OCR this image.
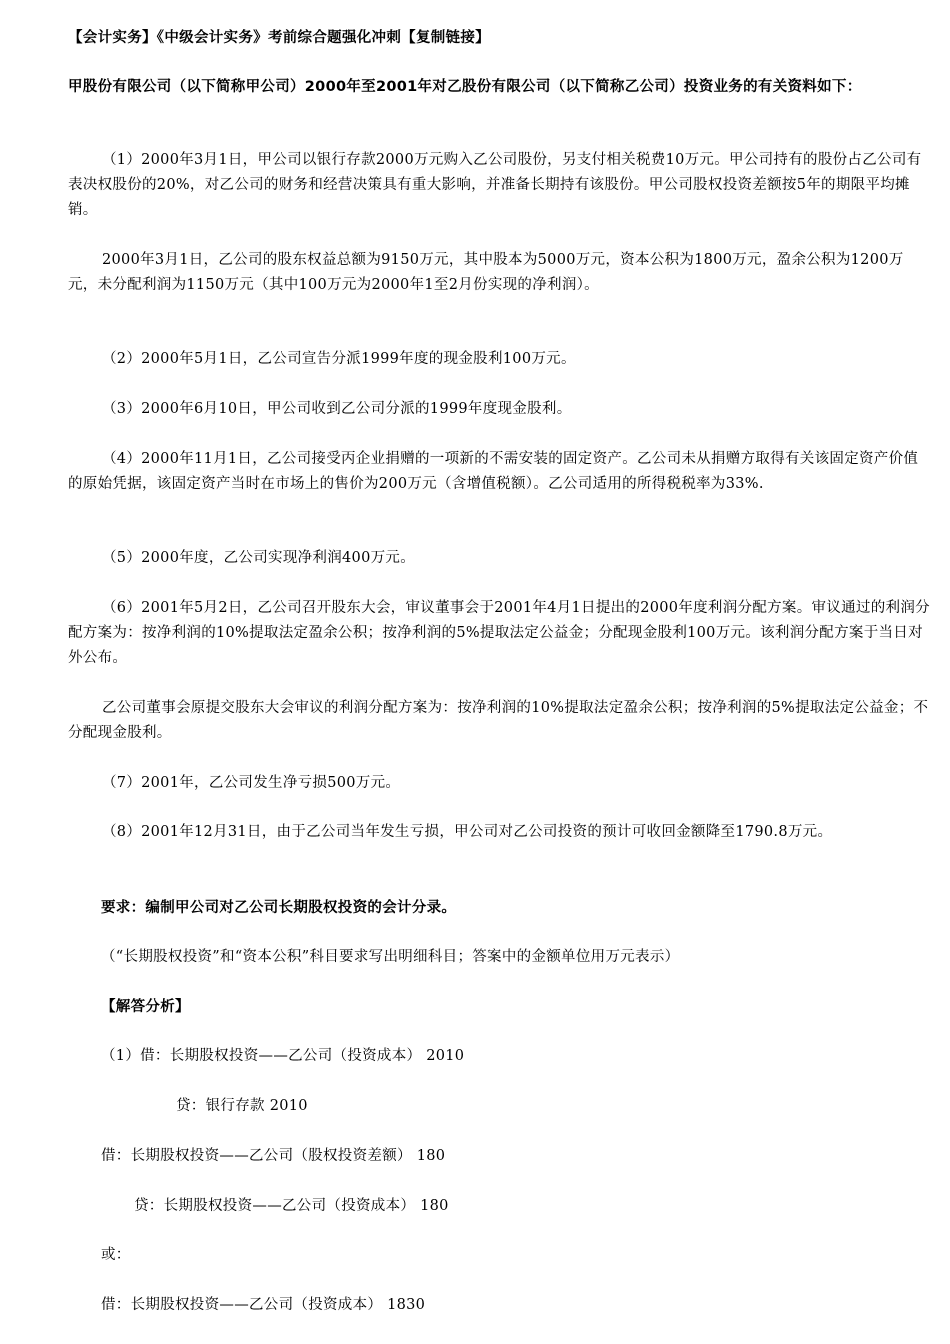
【会计实务】《中级会计实务》考前综合题强化冲刺【复制链接】

甲股份有限公司（以下简称甲公司）2000年至2001年对乙股份有限公司（以下简称乙公司）投资业务的有关资料如下：

（1）2000年3月1日，甲公司以银行存款2000万元购入乙公司股份，另支付相关税费10万元。甲公司持有的股份占乙公司有表决权股份的20%，对乙公司的财务和经营决策具有重大影响，并准备长期持有该股份。甲公司股权投资差额按5年的期限平均摊销。

2000年3月1日，乙公司的股东权益总额为9150万元，其中股本为5000万元，资本公积为1800万元，盈余公积为1200万元，未分配利润为1150万元（其中100万元为2000年1至2月份实现的净利润）。

（2）2000年5月1日，乙公司宣告分派1999年度的现金股利100万元。

（3）2000年6月10日，甲公司收到乙公司分派的1999年度现金股利。

（4）2000年11月1日，乙公司接受丙企业捐赠的一项新的不需安装的固定资产。乙公司未从捐赠方取得有关该固定资产价值的原始凭据，该固定资产当时在市场上的售价为200万元（含增值税额）。乙公司适用的所得税税率为33%.

（5）2000年度，乙公司实现净利润400万元。

（6）2001年5月2日，乙公司召开股东大会，审议董事会于2001年4月1日提出的2000年度利润分配方案。审议通过的利润分配方案为：按净利润的10%提取法定盈余公积；按净利润的5%提取法定公益金；分配现金股利100万元。该利润分配方案于当日对外公布。

乙公司董事会原提交股东大会审议的利润分配方案为：按净利润的10%提取法定盈余公积；按净利润的5%提取法定公益金；不分配现金股利。

（7）2001年，乙公司发生净亏损500万元。

（8）2001年12月31日，由于乙公司当年发生亏损，甲公司对乙公司投资的预计可收回金额降至1790.8万元。

要求：编制甲公司对乙公司长期股权投资的会计分录。

（“长期股权投资”和“资本公积”科目要求写出明细科目；答案中的金额单位用万元表示）

【解答分析】

（1）借：长期股权投资——乙公司（投资成本） 2010

贷：银行存款 2010

借：长期股权投资——乙公司（股权投资差额） 180

贷：长期股权投资——乙公司（投资成本） 180

或：

借：长期股权投资——乙公司（投资成本） 1830
